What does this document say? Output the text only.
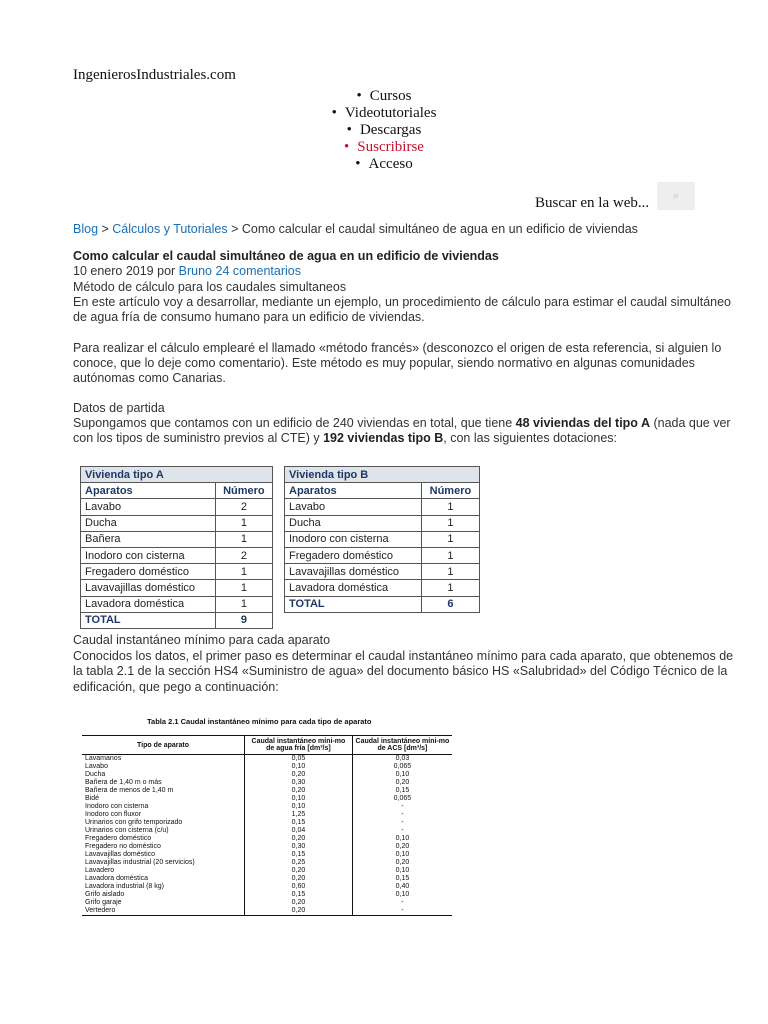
IngenierosIndustriales.com
• Cursos
• Videotutoriales
• Descargas
• Suscribirse
• Acceso
Buscar en la web...	⌕
Blog > Cálculos y Tutoriales > Como calcular el caudal simultáneo de agua en un edificio de viviendas
Como calcular el caudal simultáneo de agua en un edificio de viviendas
10 enero 2019 por Bruno 24 comentarios
Método de cálculo para los caudales simultaneos
En este artículo voy a desarrollar, mediante un ejemplo, un procedimiento de cálculo para estimar el caudal simultáneo
de agua fría de consumo humano para un edificio de viviendas.
Para realizar el cálculo emplearé el llamado «método francés» (desconozco el origen de esta referencia, si alguien lo
conoce, que lo deje como comentario). Este método es muy popular, siendo normativo en algunas comunidades
autónomas como Canarias.
Datos de partida
Supongamos que contamos con un edificio de 240 viviendas en total, que tiene 48 viviendas del tipo A (nada que ver
con los tipos de suministro previos al CTE) y 192 viviendas tipo B, con las siguientes dotaciones:
Vivienda tipo A	
Aparatos	Número
Lavabo	2
Ducha	1
Bañera	1
Inodoro con cisterna	2
Fregadero doméstico	1
Lavavajillas doméstico	1
Lavadora doméstica	1
TOTAL	9
Vivienda tipo B	
Aparatos	Número
Lavabo	1
Ducha	1
Inodoro con cisterna	1
Fregadero doméstico	1
Lavavajillas doméstico	1
Lavadora doméstica	1
TOTAL	6
Caudal instantáneo mínimo para cada aparato
Conocidos los datos, el primer paso es determinar el caudal instantáneo mínimo para cada aparato, que obtenemos de
la tabla 2.1 de la sección HS4 «Suministro de agua» del documento básico HS «Salubridad» del Código Técnico de la
edificación, que pego a continuación:
Tabla 2.1 Caudal instantáneo mínimo para cada tipo de aparato
Tipo de aparato	Caudal instantáneo míni-mo de agua fría [dm³/s]	Caudal instantáneo míni-mo de ACS [dm³/s]
Lavamanos	0,05	0,03
Lavabo	0,10	0,065
Ducha	0,20	0,10
Bañera de 1,40 m o más	0,30	0,20
Bañera de menos de 1,40 m	0,20	0,15
Bidé	0,10	0,065
Inodoro con cisterna	0,10	-
Inodoro con fluxor	1,25	-
Urinarios con grifo temporizado	0,15	-
Urinarios con cisterna (c/u)	0,04	-
Fregadero doméstico	0,20	0,10
Fregadero no doméstico	0,30	0,20
Lavavajillas doméstico	0,15	0,10
Lavavajillas industrial (20 servicios)	0,25	0,20
Lavadero	0,20	0,10
Lavadora doméstica	0,20	0,15
Lavadora industrial (8 kg)	0,60	0,40
Grifo aislado	0,15	0,10
Grifo garaje	0,20	-
Vertedero	0,20	-
